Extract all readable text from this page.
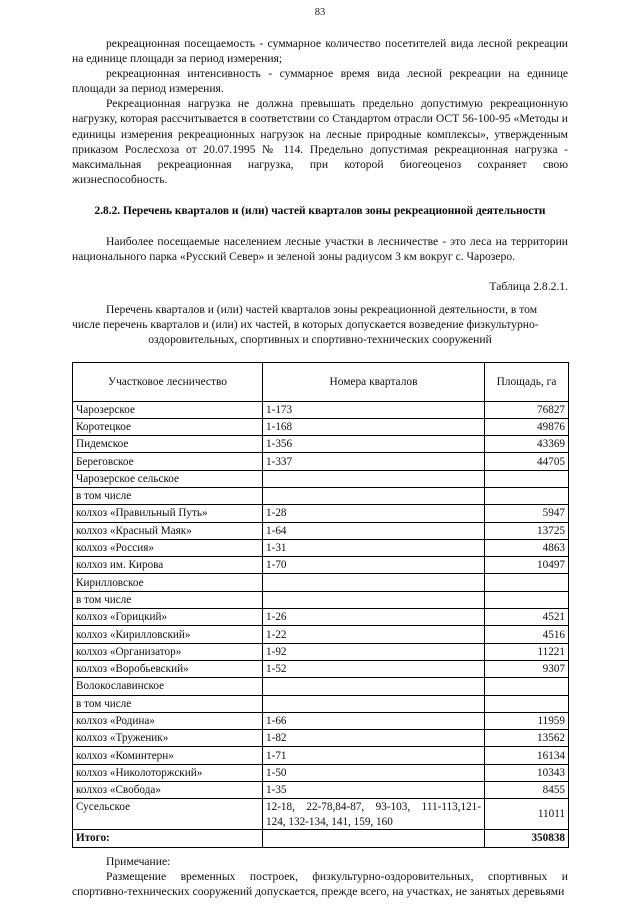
83

рекреационная посещаемость - суммарное количество посетителей вида лесной рекреации на единице площади за период измерения;

рекреационная интенсивность - суммарное время вида лесной рекреации на единице площади за период измерения.

Рекреационная нагрузка не должна превышать предельно допустимую рекреационную нагрузку, которая рассчитывается в соответствии со Стандартом отрасли ОСТ 56-100-95 «Методы и единицы измерения рекреационных нагрузок на лесные природные комплексы», утвержденным приказом Рослесхоза от 20.07.1995 № 114. Предельно допустимая рекреационная нагрузка - максимальная рекреационная нагрузка, при которой биогеоценоз сохраняет свою жизнеспособность.

2.8.2. Перечень кварталов и (или) частей кварталов зоны рекреационной деятельности

Наиболее посещаемые населением лесные участки в лесничестве - это леса на территории национального парка «Русский Север» и зеленой зоны радиусом 3 км вокруг с. Чарозеро.

Таблица 2.8.2.1.

Перечень кварталов и (или) частей кварталов зоны рекреационной деятельности, в том
числе перечень кварталов и (или) их частей, в которых допускается возведение физкультурно-
оздоровительных, спортивных и спортивно-технических сооружений
Участковое лесничество	Номера кварталов	Площадь, га
Чарозерское	1-173	76827
Коротецкое	1-168	49876
Пидемское	1-356	43369
Береговское	1-337	44705
Чарозерское сельское		
в том числе		
колхоз «Правильный Путь»	1-28	5947
колхоз «Красный Маяк»	1-64	13725
колхоз «Россия»	1-31	4863
колхоз им. Кирова	1-70	10497
Кирилловское		
в том числе		
колхоз «Горицкий»	1-26	4521
колхоз «Кирилловский»	1-22	4516
колхоз «Организатор»	1-92	11221
колхоз «Воробьевский»	1-52	9307
Волокославинское		
в том числе		
колхоз «Родина»	1-66	11959
колхоз «Труженик»	1-82	13562
колхоз «Коминтерн»	1-71	16134
колхоз «Николоторжский»	1-50	10343
колхоз «Свобода»	1-35	8455
Сусельское	12-18, 22-78,84-87, 93-103, 111-113,121-
124, 132-134, 141, 159, 160	11011
Итого:		350838

Примечание:

Размещение временных построек, физкультурно-оздоровительных, спортивных и спортивно-технических сооружений допускается, прежде всего, на участках, не занятых деревьями
